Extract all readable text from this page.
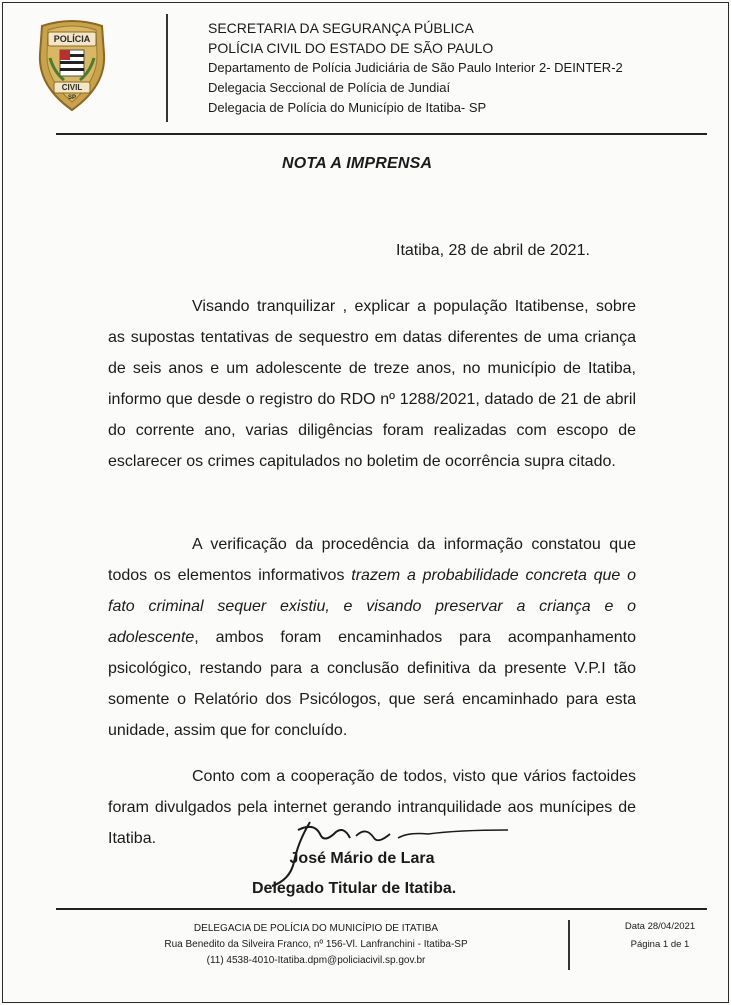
POLÍCIA
CIVIL
SP
SECRETARIA DA SEGURANÇA PÚBLICA
POLÍCIA CIVIL DO ESTADO DE SÃO PAULO
Departamento de Polícia Judiciária de São Paulo Interior 2- DEINTER-2
Delegacia Seccional de Polícia de Jundiaí
Delegacia de Polícia do Município de Itatiba- SP
NOTA A IMPRENSA
Itatiba, 28 de abril de 2021.
Visando tranquilizar , explicar a população Itatibense, sobre as supostas tentativas de sequestro em datas diferentes de uma criança de seis anos e um adolescente de treze anos, no município de Itatiba, informo que desde o registro do RDO nº 1288/2021, datado de 21 de abril do corrente ano, varias diligências foram realizadas com escopo de esclarecer os crimes capitulados no boletim de ocorrência supra citado.
A verificação da procedência da informação constatou que todos os elementos informativos trazem a probabilidade concreta que o fato criminal sequer existiu, e visando preservar a criança e o adolescente, ambos foram encaminhados para acompanhamento psicológico, restando para a conclusão definitiva da presente V.P.I tão somente o Relatório dos Psicólogos, que será encaminhado para esta unidade, assim que for concluído.
Conto com a cooperação de todos, visto que vários factoides foram divulgados pela internet gerando intranquilidade aos munícipes de Itatiba.
José Mário de Lara
Delegado Titular de Itatiba.
DELEGACIA DE POLÍCIA DO MUNICÍPIO DE ITATIBA
Rua Benedito da Silveira Franco, nº 156-Vl. Lanfranchini - Itatiba-SP
(11) 4538-4010-Itatiba.dpm@policiacivil.sp.gov.br
Data 28/04/2021
Página 1 de 1
